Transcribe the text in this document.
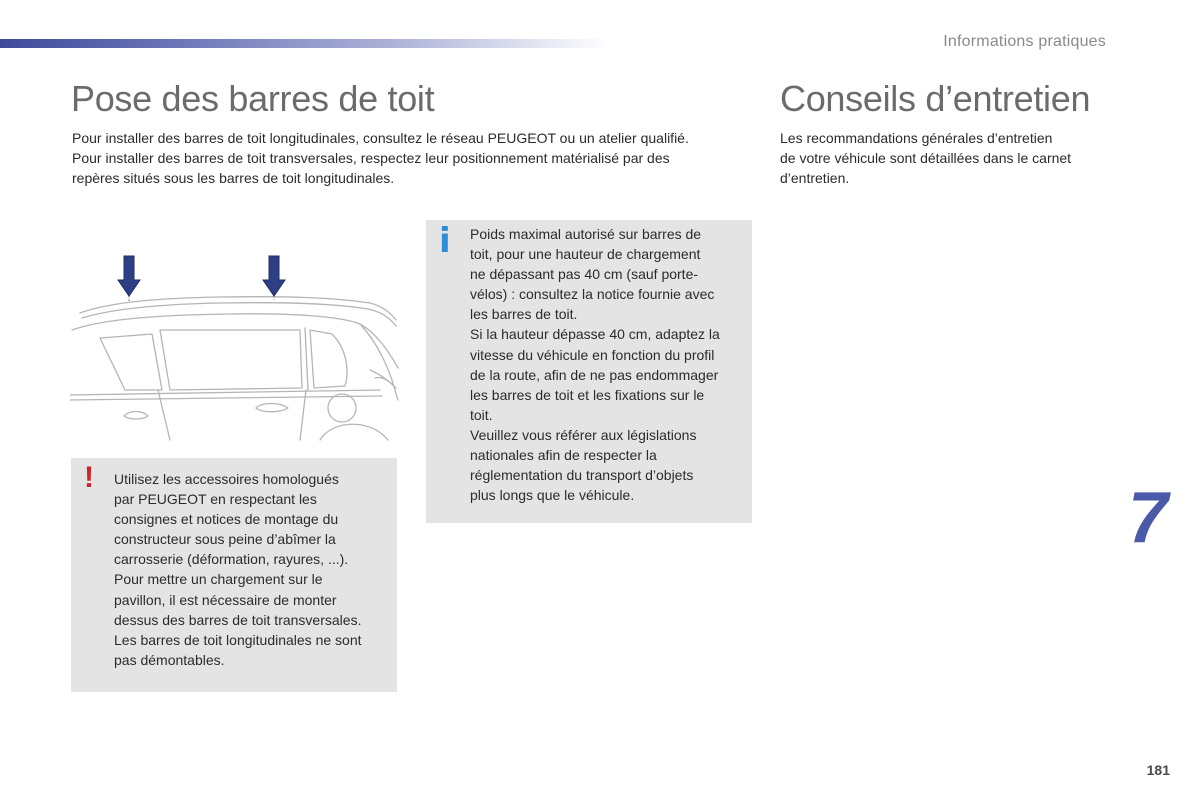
Informations pratiques
Pose des barres de toit

Pour installer des barres de toit longitudinales, consultez le réseau PEUGEOT ou un atelier qualifié.
Pour installer des barres de toit transversales, respectez leur positionnement matérialisé par des
repères situés sous les barres de toit longitudinales.

Conseils d’entretien

Les recommandations générales d’entretien
de votre véhicule sont détaillées dans le carnet
d’entretien.

! Utilisez les accessoires homologués
par PEUGEOT en respectant les
consignes et notices de montage du
constructeur sous peine d’abîmer la
carrosserie (déformation, rayures, ...).
Pour mettre un chargement sur le
pavillon, il est nécessaire de monter
dessus des barres de toit transversales.
Les barres de toit longitudinales ne sont
pas démontables.

i Poids maximal autorisé sur barres de
toit, pour une hauteur de chargement
ne dépassant pas 40 cm (sauf porte-
vélos) : consultez la notice fournie avec
les barres de toit.
Si la hauteur dépasse 40 cm, adaptez la
vitesse du véhicule en fonction du profil
de la route, afin de ne pas endommager
les barres de toit et les fixations sur le
toit.
Veuillez vous référer aux législations
nationales afin de respecter la
réglementation du transport d’objets
plus longs que le véhicule.	7
181
